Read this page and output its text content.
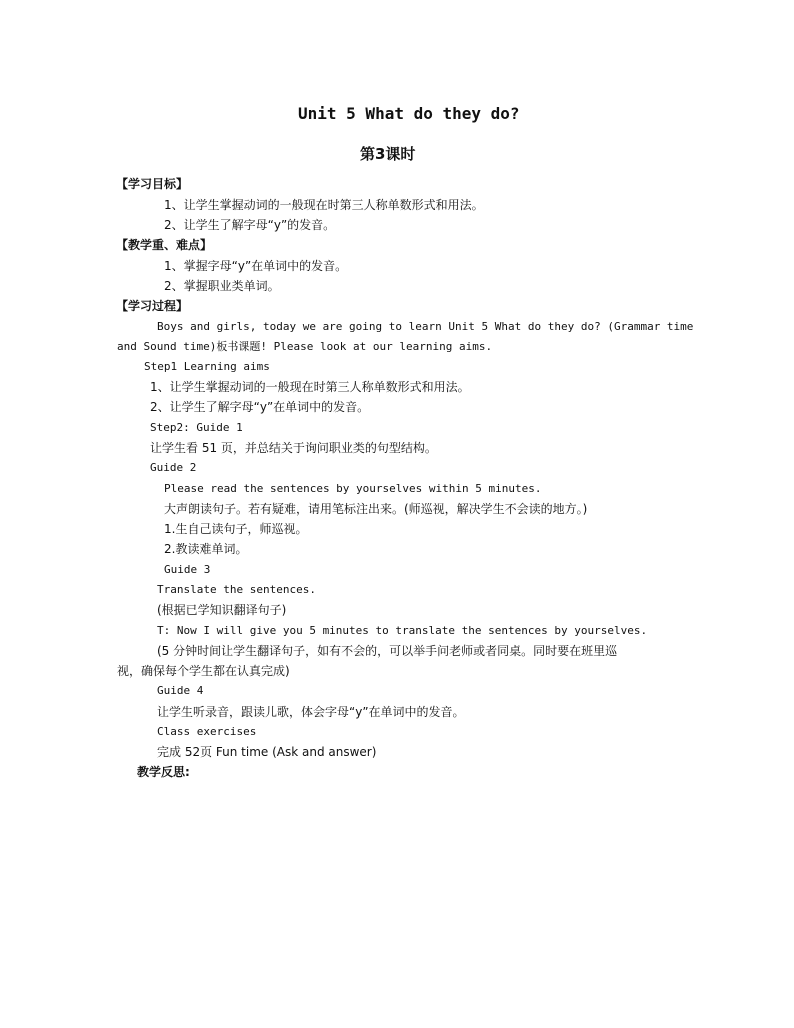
Unit 5 What do they do?
第3课时
【学习目标】
1、让学生掌握动词的一般现在时第三人称单数形式和用法。
2、让学生了解字母“y”的发音。
【教学重、难点】
1、掌握字母“y”在单词中的发音。
2、掌握职业类单词。
【学习过程】
Boys and girls, today we are going to learn Unit 5 What do they do? (Grammar time
and Sound time)板书课题! Please look at our learning aims.
Step1 Learning aims
1、让学生掌握动词的一般现在时第三人称单数形式和用法。
2、让学生了解字母“y”在单词中的发音。
Step2: Guide 1
让学生看 51 页，并总结关于询问职业类的句型结构。
Guide 2
Please read the sentences by yourselves within 5 minutes.
大声朗读句子。若有疑难，请用笔标注出来。(师巡视，解决学生不会读的地方。)
1.生自己读句子，师巡视。
2.教读难单词。
Guide 3
Translate the sentences.
(根据已学知识翻译句子)
T: Now I will give you 5 minutes to translate the sentences by yourselves.
(5 分钟时间让学生翻译句子，如有不会的，可以举手问老师或者同桌。同时要在班里巡
视，确保每个学生都在认真完成)
Guide 4
让学生听录音，跟读儿歌，体会字母“y”在单词中的发音。
Class exercises
完成 52页 Fun time (Ask and answer)
教学反思:
